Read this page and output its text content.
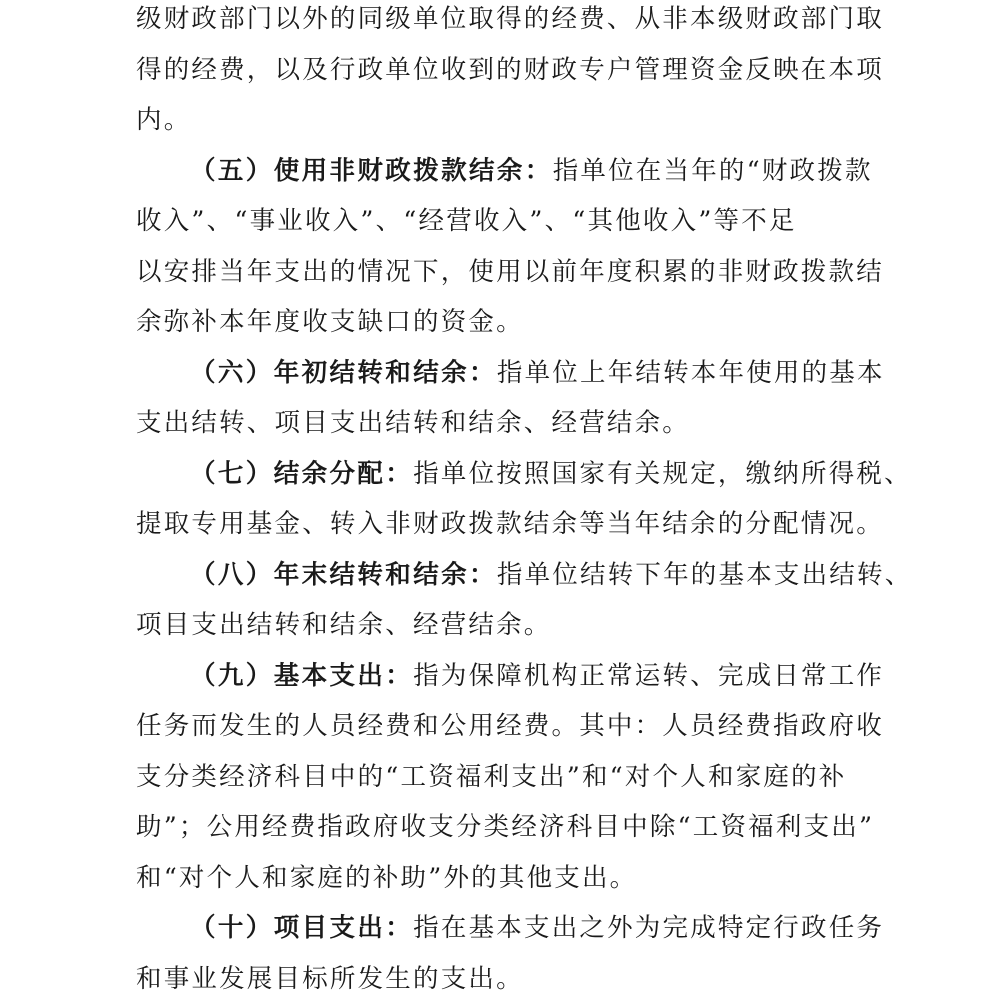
级财政部门以外的同级单位取得的经费、从非本级财政部门取
得的经费，以及行政单位收到的财政专户管理资金反映在本项
内。
（五）使用非财政拨款结余：指单位在当年的“财政拨款
收入”、“事业收入”、“经营收入”、“其他收入”等不足
以安排当年支出的情况下，使用以前年度积累的非财政拨款结
余弥补本年度收支缺口的资金。
（六）年初结转和结余：指单位上年结转本年使用的基本
支出结转、项目支出结转和结余、经营结余。
（七）结余分配：指单位按照国家有关规定，缴纳所得税、
提取专用基金、转入非财政拨款结余等当年结余的分配情况。
（八）年末结转和结余：指单位结转下年的基本支出结转、
项目支出结转和结余、经营结余。
（九）基本支出：指为保障机构正常运转、完成日常工作
任务而发生的人员经费和公用经费。其中：人员经费指政府收
支分类经济科目中的“工资福利支出”和“对个人和家庭的补
助”；公用经费指政府收支分类经济科目中除“工资福利支出”
和“对个人和家庭的补助”外的其他支出。
（十）项目支出：指在基本支出之外为完成特定行政任务
和事业发展目标所发生的支出。
